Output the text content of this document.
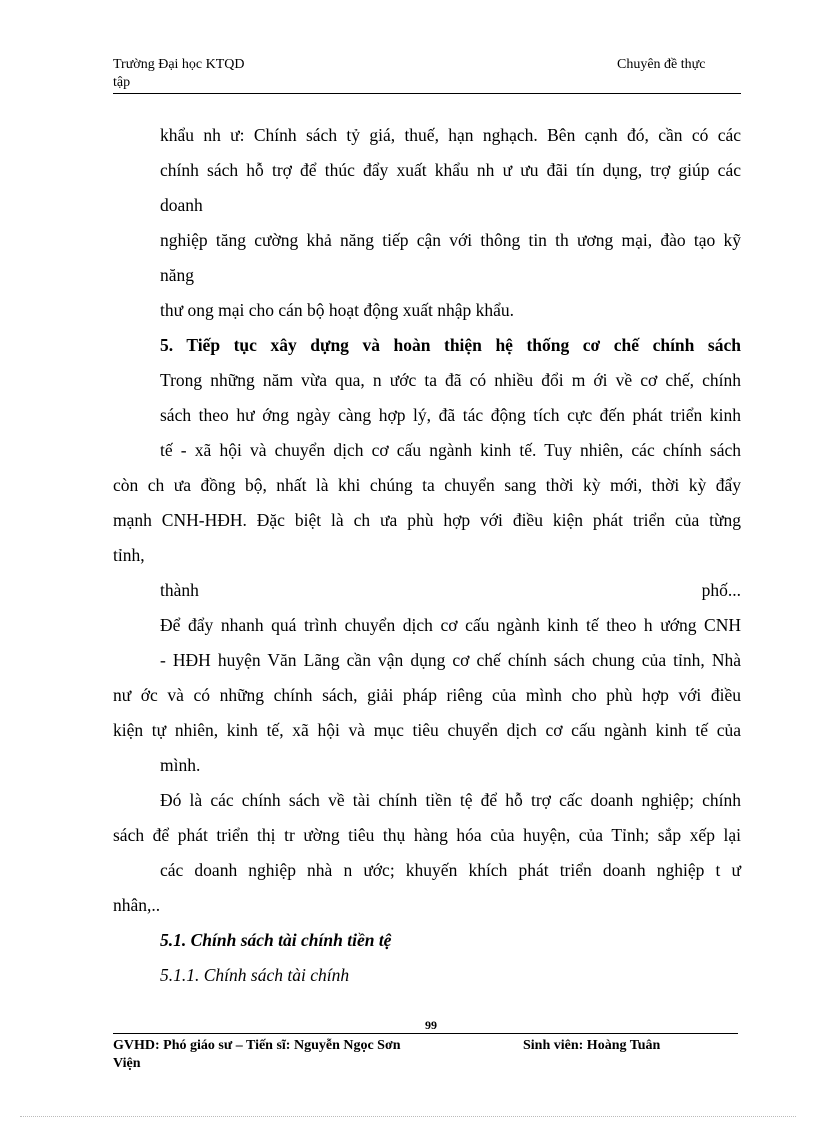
Trường Đại học KTQD
tập
Chuyên đề thực
khẩu nh ư: Chính sách tỷ giá, thuế, hạn nghạch. Bên cạnh đó, cần có các
chính sách hỗ trợ để thúc đẩy xuất khẩu nh ư ưu đãi tín dụng, trợ giúp các
doanh
nghiệp tăng cường khả năng tiếp cận với thông tin th ương mại, đào tạo kỹ
năng
thư ong mại cho cán bộ hoạt động xuất nhập khẩu.
5. Tiếp tục xây dựng và hoàn thiện hệ thống cơ chế chính sách
Trong những năm vừa qua, n ước ta đã có nhiều đổi m ới về cơ chế, chính
sách theo hư ớng ngày càng hợp lý, đã tác động tích cực đến phát triển kinh
tế - xã hội và chuyển dịch cơ cấu ngành kinh tế. Tuy nhiên, các chính sách
còn ch ưa đồng bộ, nhất là khi chúng ta chuyển sang thời kỳ mới, thời kỳ đẩy
mạnh CNH-HĐH. Đặc biệt là ch ưa phù hợp với điều kiện phát triển của từng
tỉnh,
thành	phố...
Để đẩy nhanh quá trình chuyển dịch cơ cấu ngành kinh tế theo h ướng CNH
- HĐH huyện Văn Lãng cần vận dụng cơ chế chính sách chung của tỉnh, Nhà
nư ớc và có những chính sách, giải pháp riêng của mình cho phù hợp với điều
kiện tự nhiên, kinh tế, xã hội và mục tiêu chuyển dịch cơ cấu ngành kinh tế của
mình.
Đó là các chính sách về tài chính tiền tệ để hỗ trợ cấc doanh nghiệp; chính
sách để phát triển thị tr ường tiêu thụ hàng hóa của huyện, của Tỉnh; sắp xếp lại
các doanh nghiệp nhà n ước; khuyến khích phát triển doanh nghiệp t ư
nhân,..
5.1. Chính sách tài chính tiền tệ
5.1.1. Chính sách tài chính
99
GVHD: Phó giáo sư – Tiến sĩ: Nguyễn Ngọc Sơn
Viện
Sinh viên: Hoàng Tuân
